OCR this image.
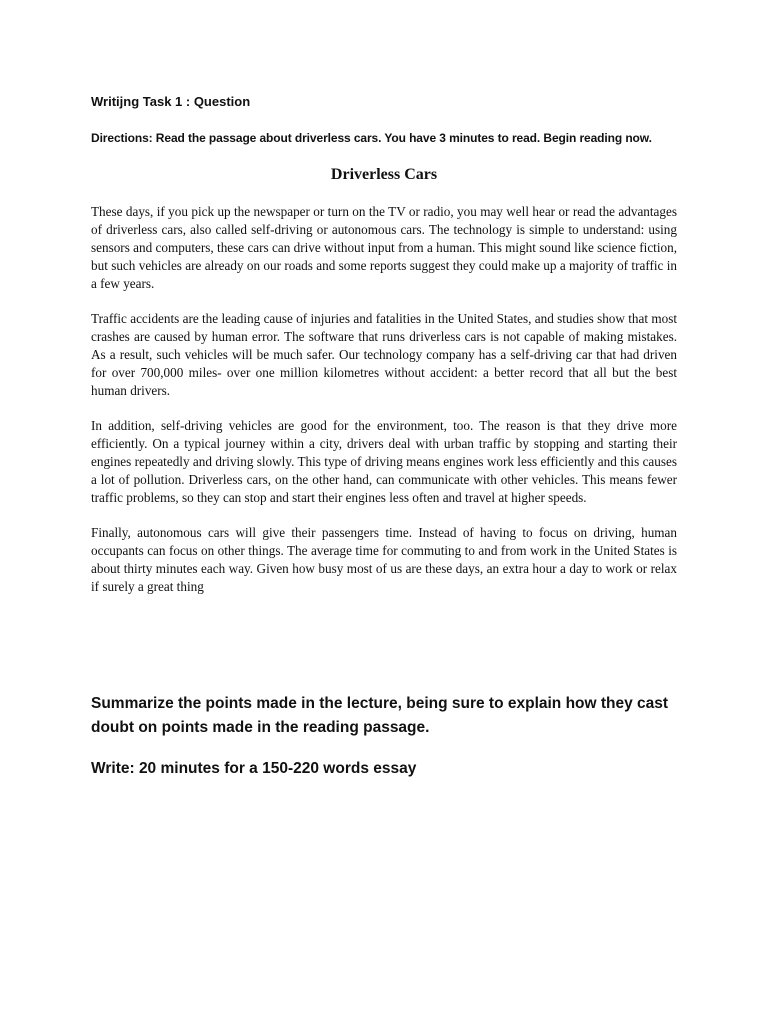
Writijng Task 1 : Question
Directions: Read the passage about driverless cars. You have 3 minutes to read. Begin reading now.
Driverless Cars

These days, if you pick up the newspaper or turn on the TV or radio, you may well hear or read the advantages of driverless cars, also called self-driving or autonomous cars. The technology is simple to understand: using sensors and computers, these cars can drive without input from a human. This might sound like science fiction, but such vehicles are already on our roads and some reports suggest they could make up a majority of traffic in a few years.

Traffic accidents are the leading cause of injuries and fatalities in the United States, and studies show that most crashes are caused by human error. The software that runs driverless cars is not capable of making mistakes. As a result, such vehicles will be much safer. Our technology company has a self-driving car that had driven for over 700,000 miles- over one million kilometres without accident: a better record that all but the best human drivers.

In addition, self-driving vehicles are good for the environment, too. The reason is that they drive more efficiently. On a typical journey within a city, drivers deal with urban traffic by stopping and starting their engines repeatedly and driving slowly. This type of driving means engines work less efficiently and this causes a lot of pollution. Driverless cars, on the other hand, can communicate with other vehicles. This means fewer traffic problems, so they can stop and start their engines less often and travel at higher speeds.

Finally, autonomous cars will give their passengers time. Instead of having to focus on driving, human occupants can focus on other things. The average time for commuting to and from work in the United States is about thirty minutes each way. Given how busy most of us are these days, an extra hour a day to work or relax if surely a great thing

Summarize the points made in the lecture, being sure to explain how they cast doubt on points made in the reading passage.
Write: 20 minutes for a 150-220 words essay
